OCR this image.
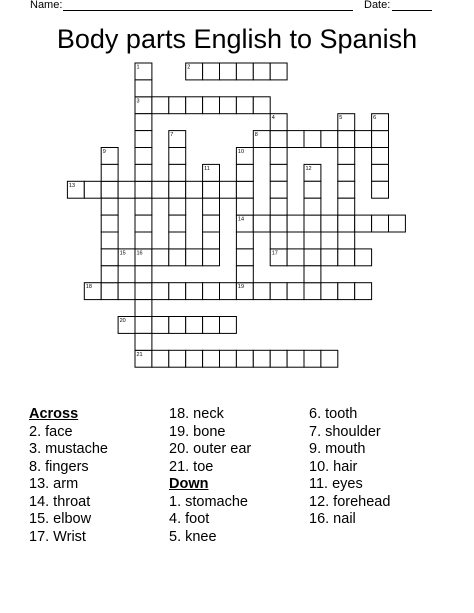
Name:	Date:
Body parts English to Spanish
2
3
8
13
14
15	17
18	19
20
21
1
4	5	6
7
9	10
11	12
16
Across
2. face
3. mustache
8. fingers
13. arm
14. throat
15. elbow
17. Wrist
18. neck
19. bone
20. outer ear
21. toe
Down
1. stomache
4. foot
5. knee
6. tooth
7. shoulder
9. mouth
10. hair
11. eyes
12. forehead
16. nail
